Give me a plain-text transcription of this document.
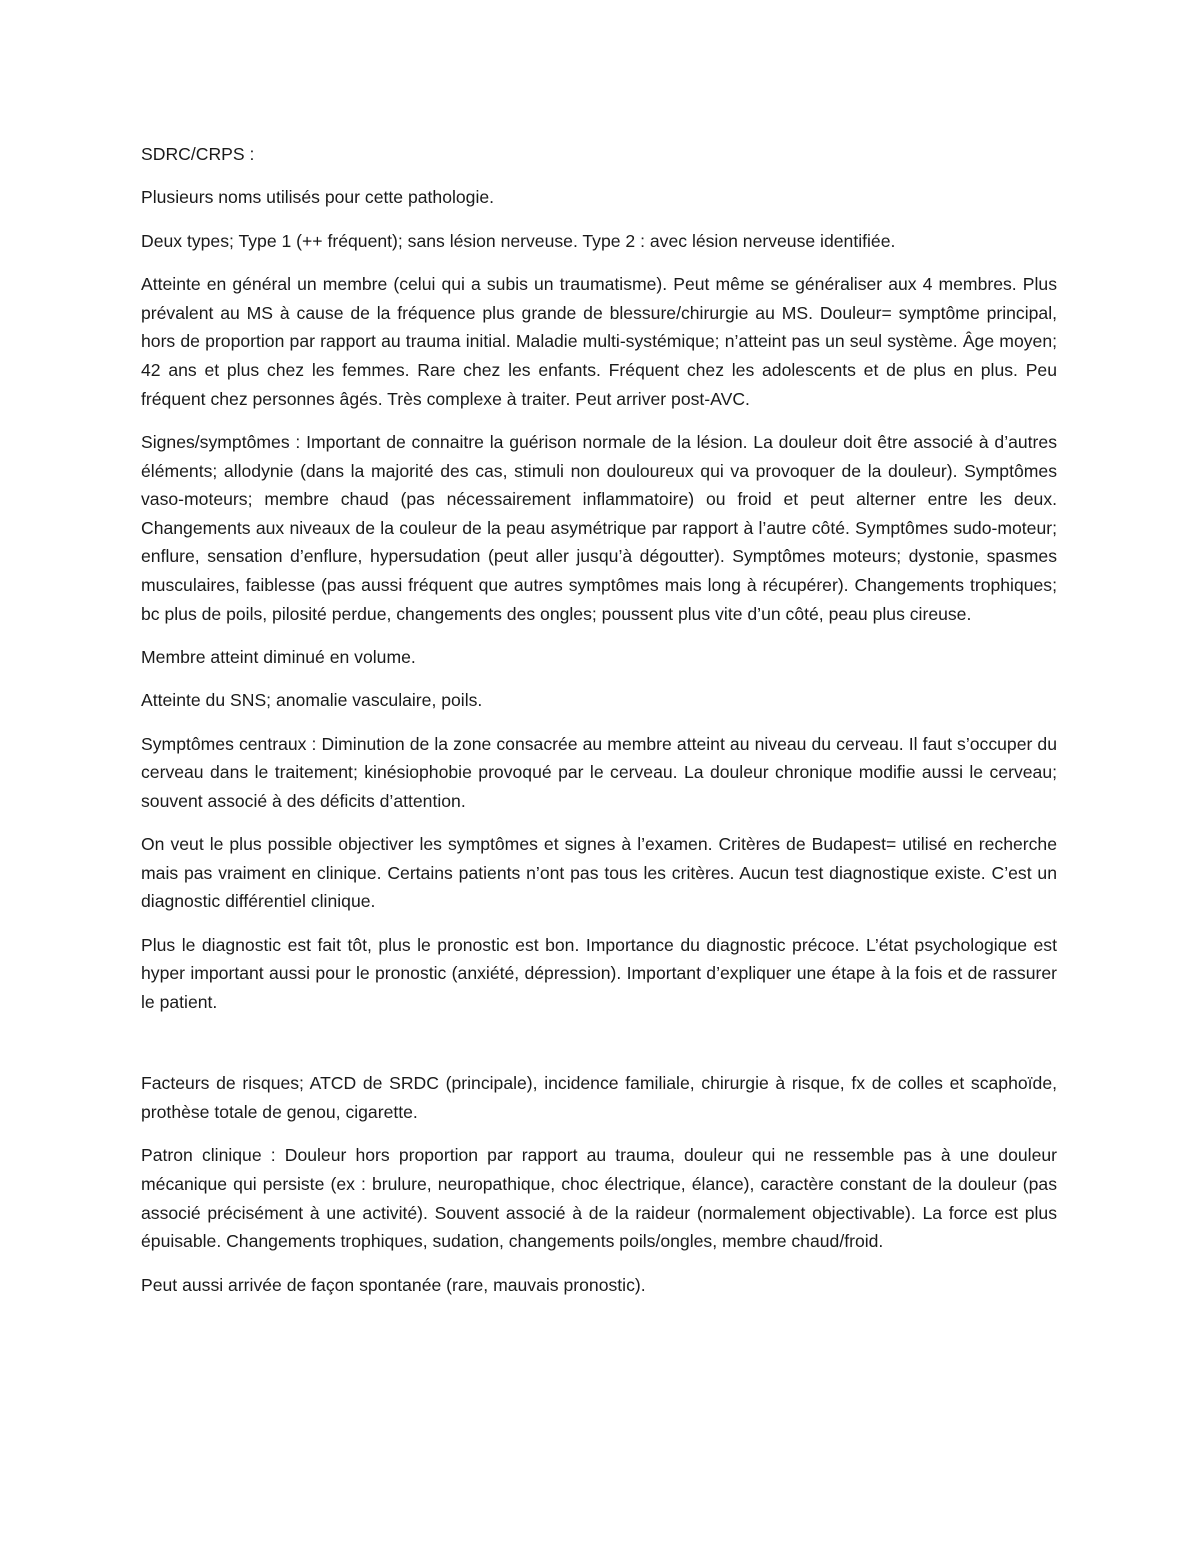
SDRC/CRPS :

Plusieurs noms utilisés pour cette pathologie.

Deux types; Type 1 (++ fréquent); sans lésion nerveuse. Type 2 : avec lésion nerveuse identifiée.

Atteinte en général un membre (celui qui a subis un traumatisme). Peut même se généraliser aux 4 membres. Plus prévalent au MS à cause de la fréquence plus grande de blessure/chirurgie au MS. Douleur= symptôme principal, hors de proportion par rapport au trauma initial. Maladie multi-systémique; n’atteint pas un seul système. Âge moyen; 42 ans et plus chez les femmes. Rare chez les enfants. Fréquent chez les adolescents et de plus en plus. Peu fréquent chez personnes âgés. Très complexe à traiter. Peut arriver post-AVC.

Signes/symptômes : Important de connaitre la guérison normale de la lésion. La douleur doit être associé à d’autres éléments; allodynie (dans la majorité des cas, stimuli non douloureux qui va provoquer de la douleur). Symptômes vaso-moteurs; membre chaud (pas nécessairement inflammatoire) ou froid et peut alterner entre les deux. Changements aux niveaux de la couleur de la peau asymétrique par rapport à l’autre côté. Symptômes sudo-moteur; enflure, sensation d’enflure, hypersudation (peut aller jusqu’à dégoutter). Symptômes moteurs; dystonie, spasmes musculaires, faiblesse (pas aussi fréquent que autres symptômes mais long à récupérer). Changements trophiques; bc plus de poils, pilosité perdue, changements des ongles; poussent plus vite d’un côté, peau plus cireuse.

Membre atteint diminué en volume.

Atteinte du SNS; anomalie vasculaire, poils.

Symptômes centraux : Diminution de la zone consacrée au membre atteint au niveau du cerveau. Il faut s’occuper du cerveau dans le traitement; kinésiophobie provoqué par le cerveau. La douleur chronique modifie aussi le cerveau; souvent associé à des déficits d’attention.

On veut le plus possible objectiver les symptômes et signes à l’examen. Critères de Budapest= utilisé en recherche mais pas vraiment en clinique. Certains patients n’ont pas tous les critères. Aucun test diagnostique existe. C’est un diagnostic différentiel clinique.

Plus le diagnostic est fait tôt, plus le pronostic est bon. Importance du diagnostic précoce. L’état psychologique est hyper important aussi pour le pronostic (anxiété, dépression). Important d’expliquer une étape à la fois et de rassurer le patient.

Facteurs de risques; ATCD de SRDC (principale), incidence familiale, chirurgie à risque, fx de colles et scaphoïde, prothèse totale de genou, cigarette.

Patron clinique : Douleur hors proportion par rapport au trauma, douleur qui ne ressemble pas à une douleur mécanique qui persiste (ex : brulure, neuropathique, choc électrique, élance), caractère constant de la douleur (pas associé précisément à une activité). Souvent associé à de la raideur (normalement objectivable). La force est plus épuisable. Changements trophiques, sudation, changements poils/ongles, membre chaud/froid.

Peut aussi arrivée de façon spontanée (rare, mauvais pronostic).
